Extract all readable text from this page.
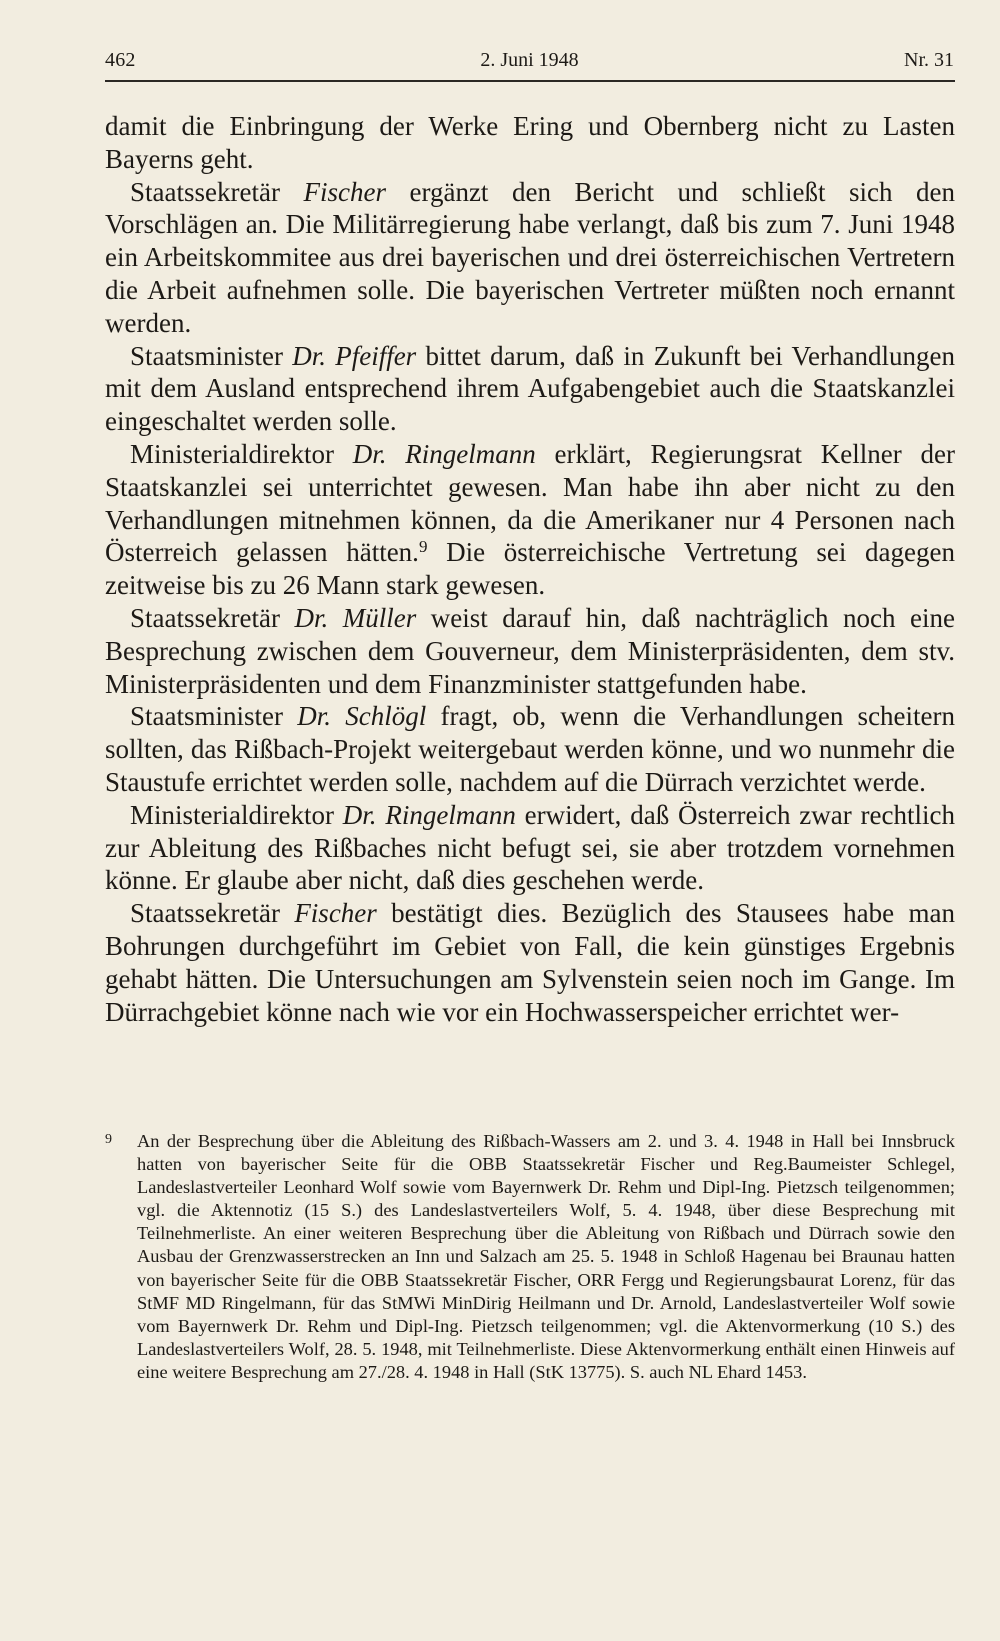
462	2. Juni 1948	Nr. 31

damit die Einbringung der Werke Ering und Obernberg nicht zu Lasten Bayerns geht.

Staatssekretär Fischer ergänzt den Bericht und schließt sich den Vorschlägen an. Die Militärregierung habe verlangt, daß bis zum 7. Juni 1948 ein Arbeitskommitee aus drei bayerischen und drei österreichischen Vertretern die Arbeit aufnehmen solle. Die bayerischen Vertreter müßten noch ernannt werden.

Staatsminister Dr. Pfeiffer bittet darum, daß in Zukunft bei Verhandlungen mit dem Ausland entsprechend ihrem Aufgabengebiet auch die Staatskanzlei eingeschaltet werden solle.

Ministerialdirektor Dr. Ringelmann erklärt, Regierungsrat Kellner der Staatskanzlei sei unterrichtet gewesen. Man habe ihn aber nicht zu den Verhandlungen mitnehmen können, da die Amerikaner nur 4 Personen nach Österreich gelassen hätten.$^9$ Die österreichische Vertretung sei dagegen zeitweise bis zu 26 Mann stark gewesen.

Staatssekretär Dr. Müller weist darauf hin, daß nachträglich noch eine Besprechung zwischen dem Gouverneur, dem Ministerpräsidenten, dem stv. Ministerpräsidenten und dem Finanzminister stattgefunden habe.

Staatsminister Dr. Schlögl fragt, ob, wenn die Verhandlungen scheitern sollten, das Rißbach-Projekt weitergebaut werden könne, und wo nunmehr die Staustufe errichtet werden solle, nachdem auf die Dürrach verzichtet werde.

Ministerialdirektor Dr. Ringelmann erwidert, daß Österreich zwar rechtlich zur Ableitung des Rißbaches nicht befugt sei, sie aber trotzdem vornehmen könne. Er glaube aber nicht, daß dies geschehen werde.

Staatssekretär Fischer bestätigt dies. Bezüglich des Stausees habe man Bohrungen durchgeführt im Gebiet von Fall, die kein günstiges Ergebnis gehabt hätten. Die Untersuchungen am Sylvenstein seien noch im Gange. Im Dürrachgebiet könne nach wie vor ein Hochwasserspeicher errichtet wer-

9 An der Besprechung über die Ableitung des Rißbach-Wassers am 2. und 3. 4. 1948 in Hall bei Innsbruck hatten von bayerischer Seite für die OBB Staatssekretär Fischer und Reg.Baumeister Schlegel, Landeslastverteiler Leonhard Wolf sowie vom Bayernwerk Dr. Rehm und Dipl-Ing. Pietzsch teilgenommen; vgl. die Aktennotiz (15 S.) des Landeslastverteilers Wolf, 5. 4. 1948, über diese Besprechung mit Teilnehmerliste. An einer weiteren Besprechung über die Ableitung von Rißbach und Dürrach sowie den Ausbau der Grenzwasserstrecken an Inn und Salzach am 25. 5. 1948 in Schloß Hagenau bei Braunau hatten von bayerischer Seite für die OBB Staatssekretär Fischer, ORR Fergg und Regierungsbaurat Lorenz, für das StMF MD Ringelmann, für das StMWi MinDirig Heilmann und Dr. Arnold, Landeslastverteiler Wolf sowie vom Bayernwerk Dr. Rehm und Dipl-Ing. Pietzsch teilgenommen; vgl. die Aktenvormerkung (10 S.) des Landeslastverteilers Wolf, 28. 5. 1948, mit Teilnehmerliste. Diese Aktenvormerkung enthält einen Hinweis auf eine weitere Besprechung am 27./28. 4. 1948 in Hall (StK 13775). S. auch NL Ehard 1453.
